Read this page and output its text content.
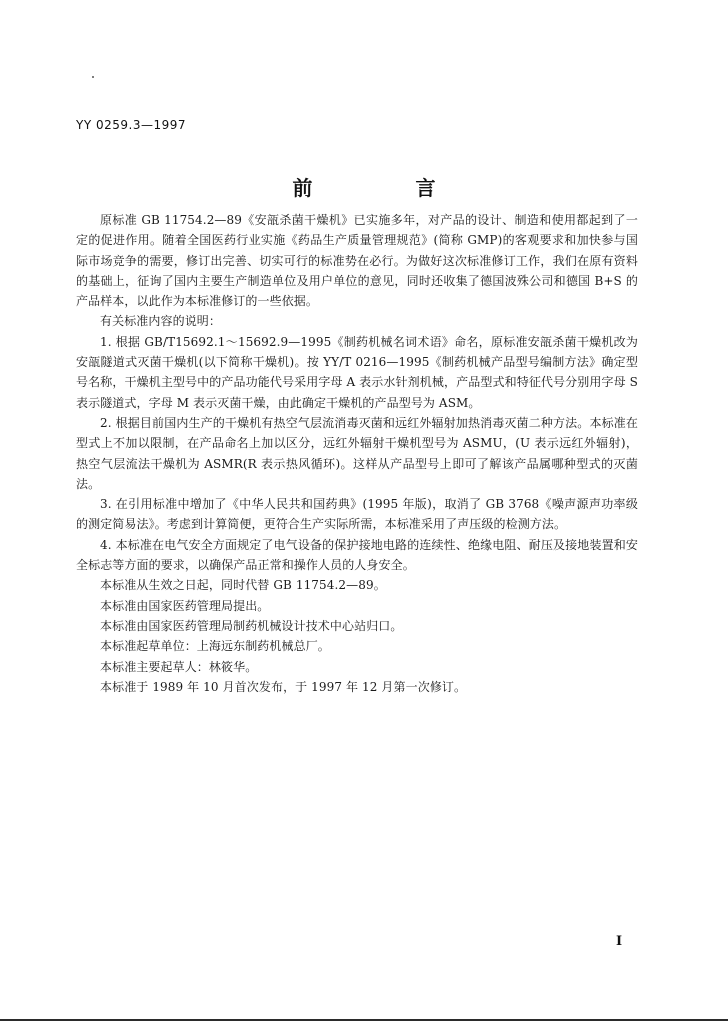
YY 0259.3—1997
前 言

原标准 GB 11754.2—89《安瓿杀菌干燥机》已实施多年，对产品的设计、制造和使用都起到了一定的促进作用。随着全国医药行业实施《药品生产质量管理规范》(简称 GMP)的客观要求和加快参与国际市场竞争的需要，修订出完善、切实可行的标准势在必行。为做好这次标准修订工作，我们在原有资料的基础上，征询了国内主要生产制造单位及用户单位的意见，同时还收集了德国波殊公司和德国 B+S 的产品样本，以此作为本标准修订的一些依据。

有关标准内容的说明：

1. 根据 GB/T15692.1～15692.9—1995《制药机械名词术语》命名，原标准安瓿杀菌干燥机改为安瓿隧道式灭菌干燥机(以下简称干燥机)。按 YY/T 0216—1995《制药机械产品型号编制方法》确定型号名称，干燥机主型号中的产品功能代号采用字母 A 表示水针剂机械，产品型式和特征代号分别用字母 S 表示隧道式，字母 M 表示灭菌干燥，由此确定干燥机的产品型号为 ASM。

2. 根据目前国内生产的干燥机有热空气层流消毒灭菌和远红外辐射加热消毒灭菌二种方法。本标准在型式上不加以限制，在产品命名上加以区分，远红外辐射干燥机型号为 ASMU，(U 表示远红外辐射)，热空气层流法干燥机为 ASMR(R 表示热风循环)。这样从产品型号上即可了解该产品属哪种型式的灭菌法。

3. 在引用标准中增加了《中华人民共和国药典》(1995 年版)，取消了 GB 3768《噪声源声功率级的测定简易法》。考虑到计算简便，更符合生产实际所需，本标准采用了声压级的检测方法。

4. 本标准在电气安全方面规定了电气设备的保护接地电路的连续性、绝缘电阻、耐压及接地装置和安全标志等方面的要求，以确保产品正常和操作人员的人身安全。

本标准从生效之日起，同时代替 GB 11754.2—89。

本标准由国家医药管理局提出。

本标准由国家医药管理局制药机械设计技术中心站归口。

本标准起草单位：上海远东制药机械总厂。

本标准主要起草人：林筱华。

本标准于 1989 年 10 月首次发布，于 1997 年 12 月第一次修订。

I
